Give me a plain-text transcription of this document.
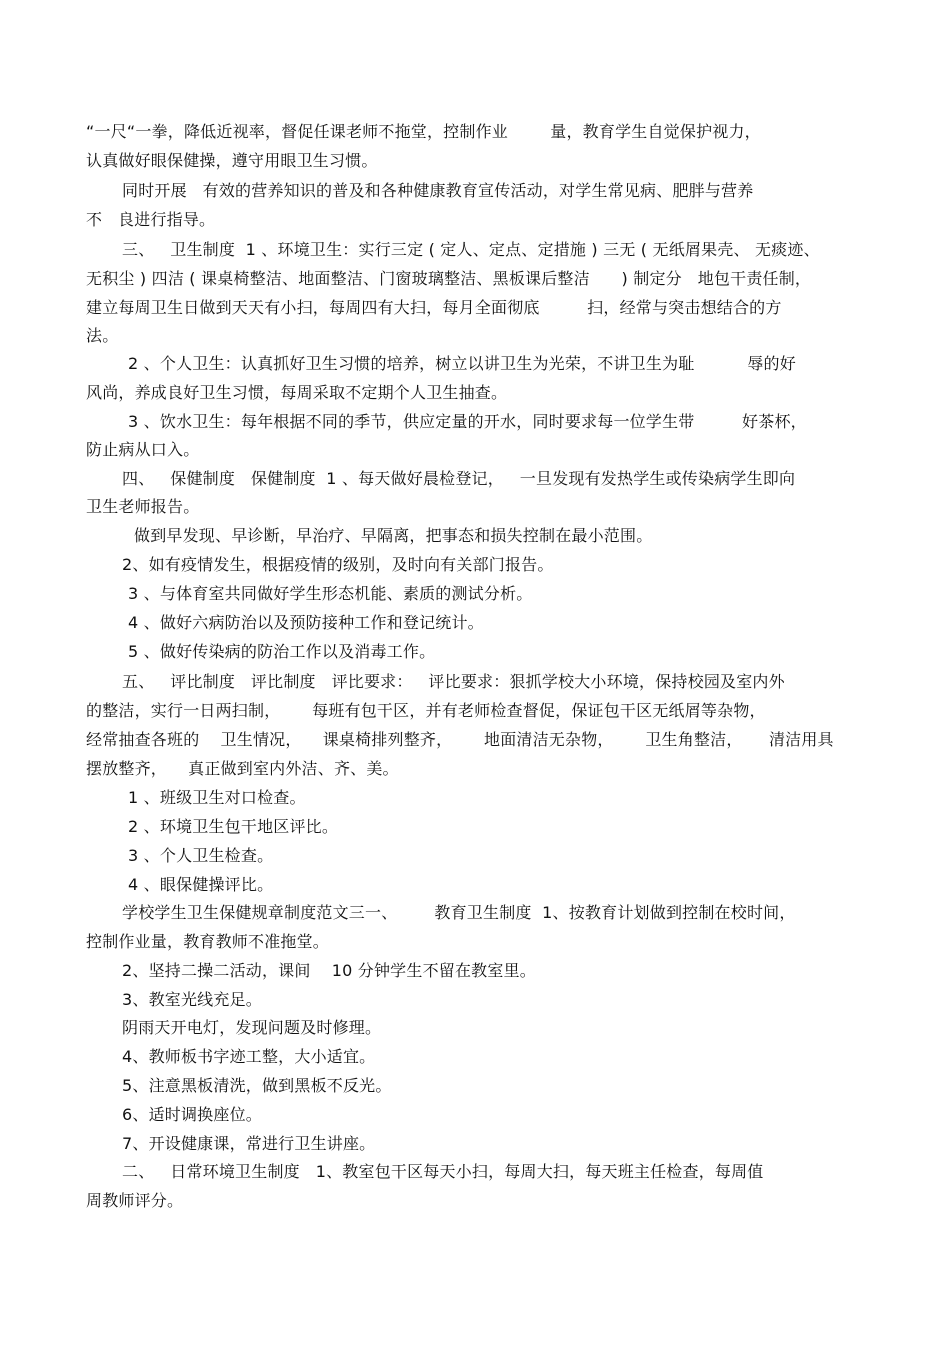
“一尺“一拳，降低近视率，督促任课老师不拖堂，控制作业        量，教育学生自觉保护视力，
认真做好眼保健操，遵守用眼卫生习惯。
同时开展   有效的营养知识的普及和各种健康教育宣传活动，对学生常见病、肥胖与营养
不   良进行指导。
三、   卫生制度  1 、环境卫生：实行三定 ( 定人、定点、定措施 ) 三无 ( 无纸屑果壳、 无痰迹、
无积尘 ) 四洁 ( 课桌椅整洁、地面整洁、门窗玻璃整洁、黑板课后整洁      ) 制定分   地包干责任制，
建立每周卫生日做到天天有小扫，每周四有大扫，每月全面彻底         扫，经常与突击想结合的方
法。
2 、个人卫生：认真抓好卫生习惯的培养，树立以讲卫生为光荣，不讲卫生为耻          辱的好
风尚，养成良好卫生习惯，每周采取不定期个人卫生抽查。
3 、饮水卫生：每年根据不同的季节，供应定量的开水，同时要求每一位学生带         好茶杯，
防止病从口入。
四、   保健制度   保健制度  1 、每天做好晨检登记，   一旦发现有发热学生或传染病学生即向
卫生老师报告。
做到早发现、早诊断，早治疗、早隔离，把事态和损失控制在最小范围。
2、如有疫情发生，根据疫情的级别，及时向有关部门报告。
3 、与体育室共同做好学生形态机能、素质的测试分析。
4 、做好六病防治以及预防接种工作和登记统计。
5 、做好传染病的防治工作以及消毒工作。
五、   评比制度   评比制度   评比要求：   评比要求：狠抓学校大小环境，保持校园及室内外
的整洁，实行一日两扫制，      每班有包干区，并有老师检查督促，保证包干区无纸屑等杂物，
经常抽查各班的    卫生情况，    课桌椅排列整齐，      地面清洁无杂物，      卫生角整洁，     清洁用具
摆放整齐，    真正做到室内外洁、齐、美。
1 、班级卫生对口检查。
2 、环境卫生包干地区评比。
3 、个人卫生检查。
4 、眼保健操评比。
学校学生卫生保健规章制度范文三一、       教育卫生制度  1、按教育计划做到控制在校时间，
控制作业量，教育教师不准拖堂。
2、坚持二操二活动，课间    10 分钟学生不留在教室里。
3、教室光线充足。
阴雨天开电灯，发现问题及时修理。
4、教师板书字迹工整，大小适宜。
5、注意黑板清洗，做到黑板不反光。
6、适时调换座位。
7、开设健康课，常进行卫生讲座。
二、   日常环境卫生制度   1、教室包干区每天小扫，每周大扫，每天班主任检查，每周值
周教师评分。
